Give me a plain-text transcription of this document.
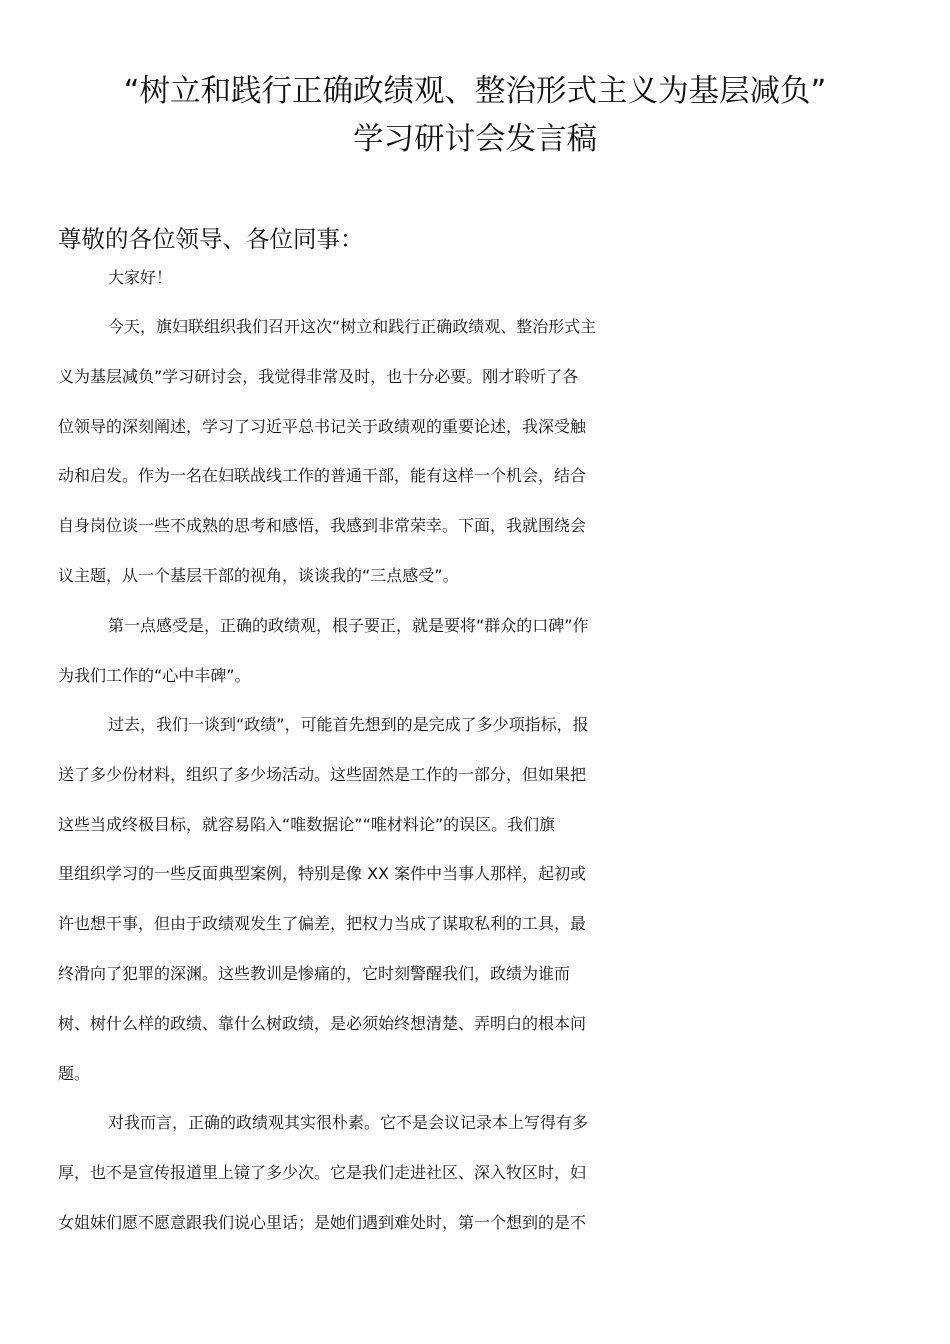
“树立和践行正确政绩观、整治形式主义为基层减负”
学习研讨会发言稿

尊敬的各位领导、各位同事：

大家好！
今天，旗妇联组织我们召开这次“树立和践行正确政绩观、整治形式主
义为基层减负”学习研讨会，我觉得非常及时，也十分必要。刚才聆听了各
位领导的深刻阐述，学习了习近平总书记关于政绩观的重要论述，我深受触
动和启发。作为一名在妇联战线工作的普通干部，能有这样一个机会，结合
自身岗位谈一些不成熟的思考和感悟，我感到非常荣幸。下面，我就围绕会
议主题，从一个基层干部的视角，谈谈我的“三点感受”。
第一点感受是，正确的政绩观，根子要正，就是要将“群众的口碑”作
为我们工作的“心中丰碑”。
过去，我们一谈到“政绩”，可能首先想到的是完成了多少项指标，报
送了多少份材料，组织了多少场活动。这些固然是工作的一部分，但如果把
这些当成终极目标，就容易陷入“唯数据论”“唯材料论”的误区。我们旗
里组织学习的一些反面典型案例，特别是像 XX 案件中当事人那样，起初或
许也想干事，但由于政绩观发生了偏差，把权力当成了谋取私利的工具，最
终滑向了犯罪的深渊。这些教训是惨痛的，它时刻警醒我们，政绩为谁而
树、树什么样的政绩、靠什么树政绩，是必须始终想清楚、弄明白的根本问
题。
对我而言，正确的政绩观其实很朴素。它不是会议记录本上写得有多
厚，也不是宣传报道里上镜了多少次。它是我们走进社区、深入牧区时，妇
女姐妹们愿不愿意跟我们说心里话；是她们遇到难处时，第一个想到的是不
